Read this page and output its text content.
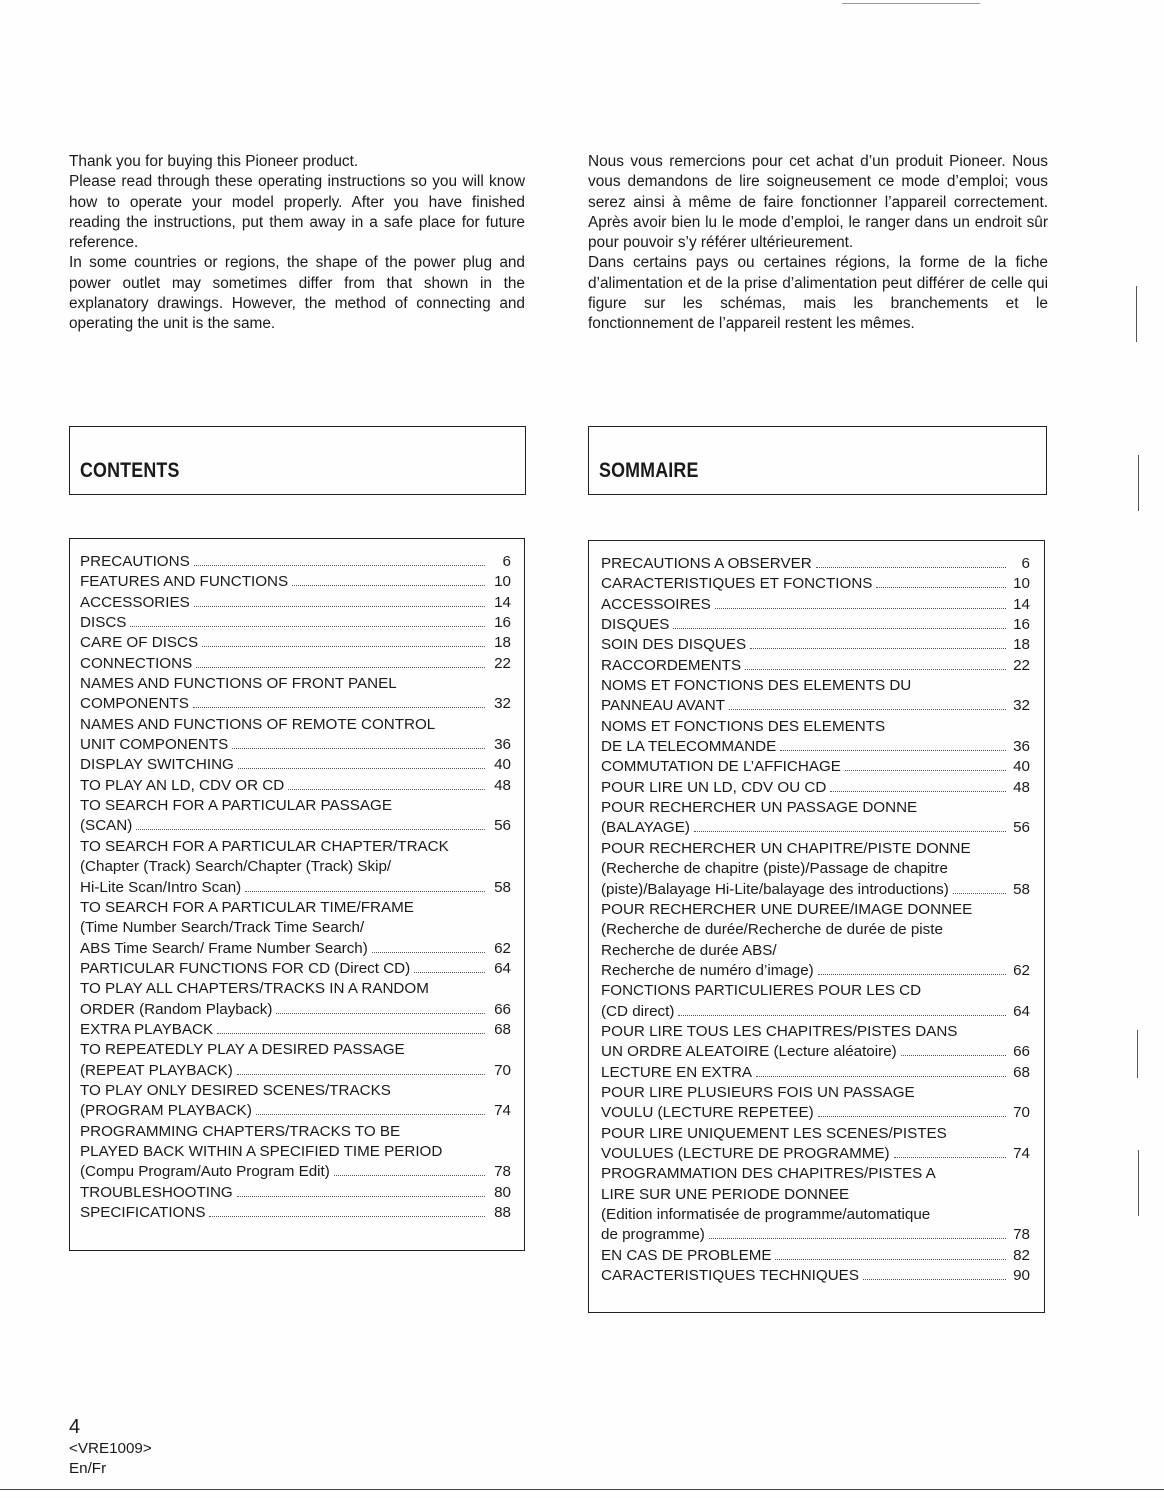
Thank you for buying this Pioneer product.

Please read through these operating instructions so you will know how to operate your model properly. After you have finished reading the instructions, put them away in a safe place for future reference.

In some countries or regions, the shape of the power plug and power outlet may sometimes differ from that shown in the explanatory drawings. However, the method of connecting and operating the unit is the same.

Nous vous remercions pour cet achat d’un produit Pioneer. Nous vous demandons de lire soigneusement ce mode d’emploi; vous serez ainsi à même de faire fonctionner l’appareil correctement. Après avoir bien lu le mode d’emploi, le ranger dans un endroit sûr pour pouvoir s’y référer ultérieurement.

Dans certains pays ou certaines régions, la forme de la fiche d’alimentation et de la prise d’alimentation peut différer de celle qui figure sur les schémas, mais les branchements et le fonctionnement de l’appareil restent les mêmes.

CONTENTS	SOMMAIRE
PRECAUTIONS	6
FEATURES AND FUNCTIONS	10
ACCESSORIES	14
DISCS	16
CARE OF DISCS	18
CONNECTIONS	22
NAMES AND FUNCTIONS OF FRONT PANEL
COMPONENTS	32
NAMES AND FUNCTIONS OF REMOTE CONTROL
UNIT COMPONENTS	36
DISPLAY SWITCHING	40
TO PLAY AN LD, CDV OR CD	48
TO SEARCH FOR A PARTICULAR PASSAGE
(SCAN)	56
TO SEARCH FOR A PARTICULAR CHAPTER/TRACK
(Chapter (Track) Search/Chapter (Track) Skip/
Hi-Lite Scan/Intro Scan)	58
TO SEARCH FOR A PARTICULAR TIME/FRAME
(Time Number Search/Track Time Search/
ABS Time Search/ Frame Number Search)	62
PARTICULAR FUNCTIONS FOR CD (Direct CD)	64
TO PLAY ALL CHAPTERS/TRACKS IN A RANDOM
ORDER (Random Playback)	66
EXTRA PLAYBACK	68
TO REPEATEDLY PLAY A DESIRED PASSAGE
(REPEAT PLAYBACK)	70
TO PLAY ONLY DESIRED SCENES/TRACKS
(PROGRAM PLAYBACK)	74
PROGRAMMING CHAPTERS/TRACKS TO BE
PLAYED BACK WITHIN A SPECIFIED TIME PERIOD
(Compu Program/Auto Program Edit)	78
TROUBLESHOOTING	80
SPECIFICATIONS	88
PRECAUTIONS A OBSERVER	6
CARACTERISTIQUES ET FONCTIONS	10
ACCESSOIRES	14
DISQUES	16
SOIN DES DISQUES	18
RACCORDEMENTS	22
NOMS ET FONCTIONS DES ELEMENTS DU
PANNEAU AVANT	32
NOMS ET FONCTIONS DES ELEMENTS
DE LA TELECOMMANDE	36
COMMUTATION DE L’AFFICHAGE	40
POUR LIRE UN LD, CDV OU CD	48
POUR RECHERCHER UN PASSAGE DONNE
(BALAYAGE)	56
POUR RECHERCHER UN CHAPITRE/PISTE DONNE
(Recherche de chapitre (piste)/Passage de chapitre
(piste)/Balayage Hi-Lite/balayage des introductions)	58
POUR RECHERCHER UNE DUREE/IMAGE DONNEE
(Recherche de durée/Recherche de durée de piste
Recherche de durée ABS/
Recherche de numéro d’image)	62
FONCTIONS PARTICULIERES POUR LES CD
(CD direct)	64
POUR LIRE TOUS LES CHAPITRES/PISTES DANS
UN ORDRE ALEATOIRE (Lecture aléatoire)	66
LECTURE EN EXTRA	68
POUR LIRE PLUSIEURS FOIS UN PASSAGE
VOULU (LECTURE REPETEE)	70
POUR LIRE UNIQUEMENT LES SCENES/PISTES
VOULUES (LECTURE DE PROGRAMME)	74
PROGRAMMATION DES CHAPITRES/PISTES A
LIRE SUR UNE PERIODE DONNEE
(Edition informatisée de programme/automatique
de programme)	78
EN CAS DE PROBLEME	82
CARACTERISTIQUES TECHNIQUES	90
4
<VRE1009>
En/Fr
